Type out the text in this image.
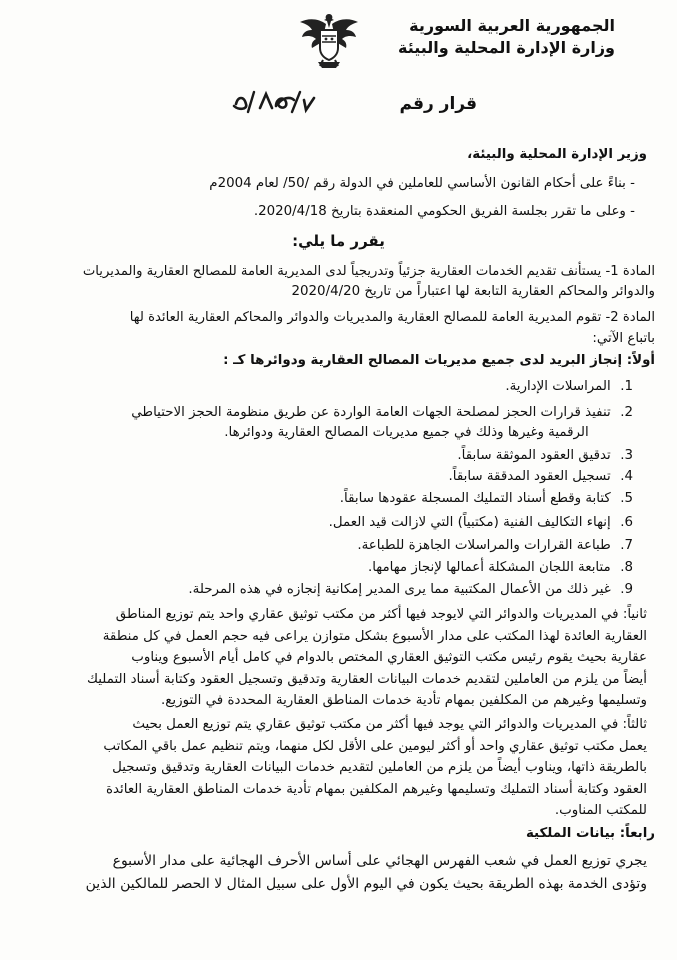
الجمهورية العربية السورية
وزارة الإدارة المحلية والبيئة
قرار رقم
وزير الإدارة المحلية والبيئة،
- بناءً على أحكام القانون الأساسي للعاملين في الدولة رقم /50/ لعام 2004م
- وعلى ما تقرر بجلسة الفريق الحكومي المنعقدة بتاريخ 2020/4/18.
يقرر ما يلي:
المادة 1- يستأنف تقديم الخدمات العقارية جزئياً وتدريجياً لدى المديرية العامة للمصالح العقارية والمديريات
والدوائر والمحاكم العقارية التابعة لها اعتباراً من تاريخ 2020/4/20
المادة 2- تقوم المديرية العامة للمصالح العقارية والمديريات والدوائر والمحاكم العقارية العائدة لها
باتباع الآتي:
أولاً: إنجاز البريد لدى جميع مديريات المصالح العقارية ودوائرها كـ :
1. المراسلات الإدارية.
2. تنفيذ قرارات الحجز لمصلحة الجهات العامة الواردة عن طريق منظومة الحجز الاحتياطي
الرقمية وغيرها وذلك في جميع مديريات المصالح العقارية ودوائرها.
3. تدقيق العقود الموثقة سابقاً.
4. تسجيل العقود المدققة سابقاً.
5. كتابة وقطع أسناد التمليك المسجلة عقودها سابقاً.
6. إنهاء التكاليف الفنية (مكتبياً) التي لازالت قيد العمل.
7. طباعة القرارات والمراسلات الجاهزة للطباعة.
8. متابعة اللجان المشكلة أعمالها لإنجاز مهامها.
9. غير ذلك من الأعمال المكتبية مما يرى المدير إمكانية إنجازه في هذه المرحلة.
ثانياً: في المديريات والدوائر التي لايوجد فيها أكثر من مكتب توثيق عقاري واحد يتم توزيع المناطق
العقارية العائدة لهذا المكتب على مدار الأسبوع بشكل متوازن يراعى فيه حجم العمل في كل منطقة
عقارية بحيث يقوم رئيس مكتب التوثيق العقاري المختص بالدوام في كامل أيام الأسبوع ويناوب
أيضاً من يلزم من العاملين لتقديم خدمات البيانات العقارية وتدقيق وتسجيل العقود وكتابة أسناد التمليك
وتسليمها وغيرهم من المكلفين بمهام تأدية خدمات المناطق العقارية المحددة في التوزيع.
ثالثاً: في المديريات والدوائر التي يوجد فيها أكثر من مكتب توثيق عقاري يتم توزيع العمل بحيث
يعمل مكتب توثيق عقاري واحد أو أكثر ليومين على الأقل لكل منهما، ويتم تنظيم عمل باقي المكاتب
بالطريقة ذاتها، ويناوب أيضاً من يلزم من العاملين لتقديم خدمات البيانات العقارية وتدقيق وتسجيل
العقود وكتابة أسناد التمليك وتسليمها وغيرهم المكلفين بمهام تأدية خدمات المناطق العقارية العائدة
للمكتب المناوب.
رابعاً: بيانات الملكية
يجري توزيع العمل في شعب الفهرس الهجائي على أساس الأحرف الهجائية على مدار الأسبوع
وتؤدى الخدمة بهذه الطريقة بحيث يكون في اليوم الأول على سبيل المثال لا الحصر للمالكين الذين
